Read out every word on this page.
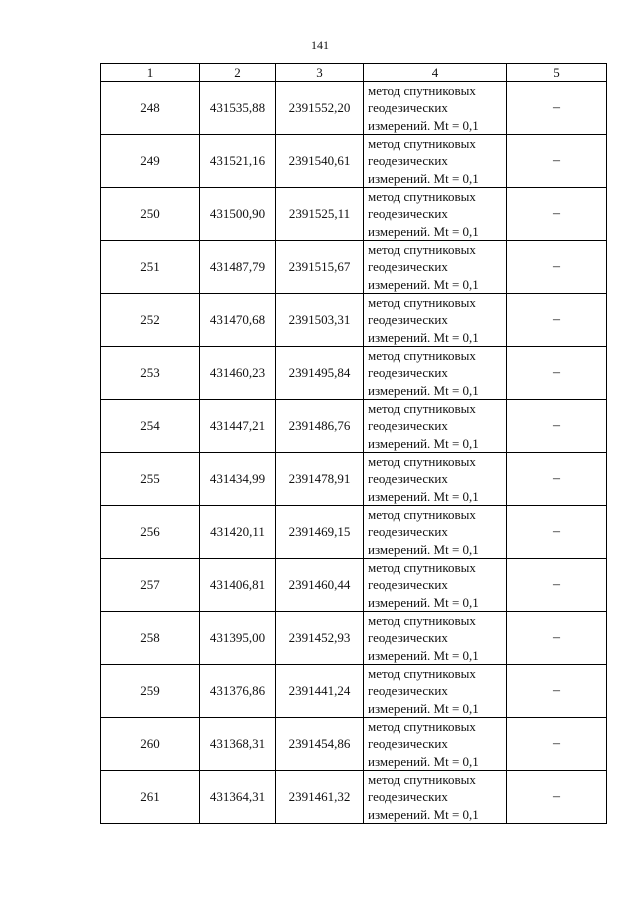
141
1	2	3	4	5
248	431535,88	2391552,20	метод спутниковых
геодезических
измерений. Mt = 0,1	–
249	431521,16	2391540,61	метод спутниковых
геодезических
измерений. Mt = 0,1	–
250	431500,90	2391525,11	метод спутниковых
геодезических
измерений. Mt = 0,1	–
251	431487,79	2391515,67	метод спутниковых
геодезических
измерений. Mt = 0,1	–
252	431470,68	2391503,31	метод спутниковых
геодезических
измерений. Mt = 0,1	–
253	431460,23	2391495,84	метод спутниковых
геодезических
измерений. Mt = 0,1	–
254	431447,21	2391486,76	метод спутниковых
геодезических
измерений. Mt = 0,1	–
255	431434,99	2391478,91	метод спутниковых
геодезических
измерений. Mt = 0,1	–
256	431420,11	2391469,15	метод спутниковых
геодезических
измерений. Mt = 0,1	–
257	431406,81	2391460,44	метод спутниковых
геодезических
измерений. Mt = 0,1	–
258	431395,00	2391452,93	метод спутниковых
геодезических
измерений. Mt = 0,1	–
259	431376,86	2391441,24	метод спутниковых
геодезических
измерений. Mt = 0,1	–
260	431368,31	2391454,86	метод спутниковых
геодезических
измерений. Mt = 0,1	–
261	431364,31	2391461,32	метод спутниковых
геодезических
измерений. Mt = 0,1	–
